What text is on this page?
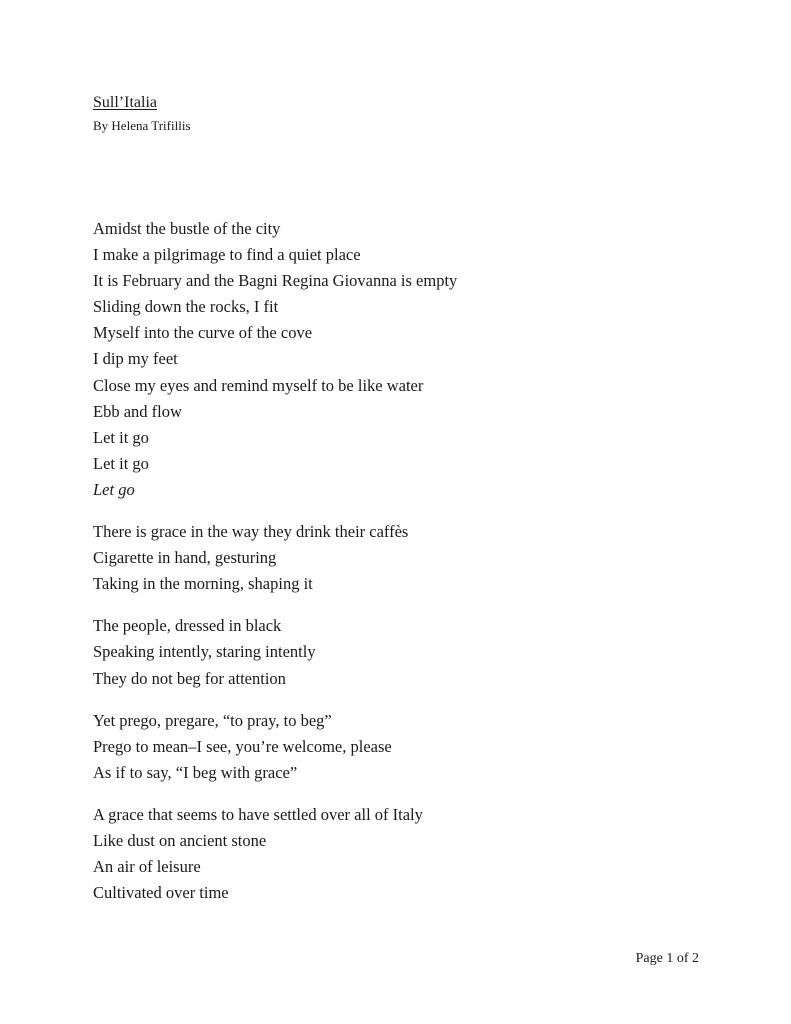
Sull’Italia

By Helena Trifillis

Amidst the bustle of the city
I make a pilgrimage to find a quiet place
It is February and the Bagni Regina Giovanna is empty
Sliding down the rocks, I fit
Myself into the curve of the cove
I dip my feet
Close my eyes and remind myself to be like water
Ebb and flow
Let it go
Let it go
Let go
There is grace in the way they drink their caffès
Cigarette in hand, gesturing
Taking in the morning, shaping it
The people, dressed in black
Speaking intently, staring intently
They do not beg for attention
Yet prego, pregare, “to pray, to beg”
Prego to mean–I see, you’re welcome, please
As if to say, “I beg with grace”
A grace that seems to have settled over all of Italy
Like dust on ancient stone
An air of leisure
Cultivated over time
Page 1 of 2
